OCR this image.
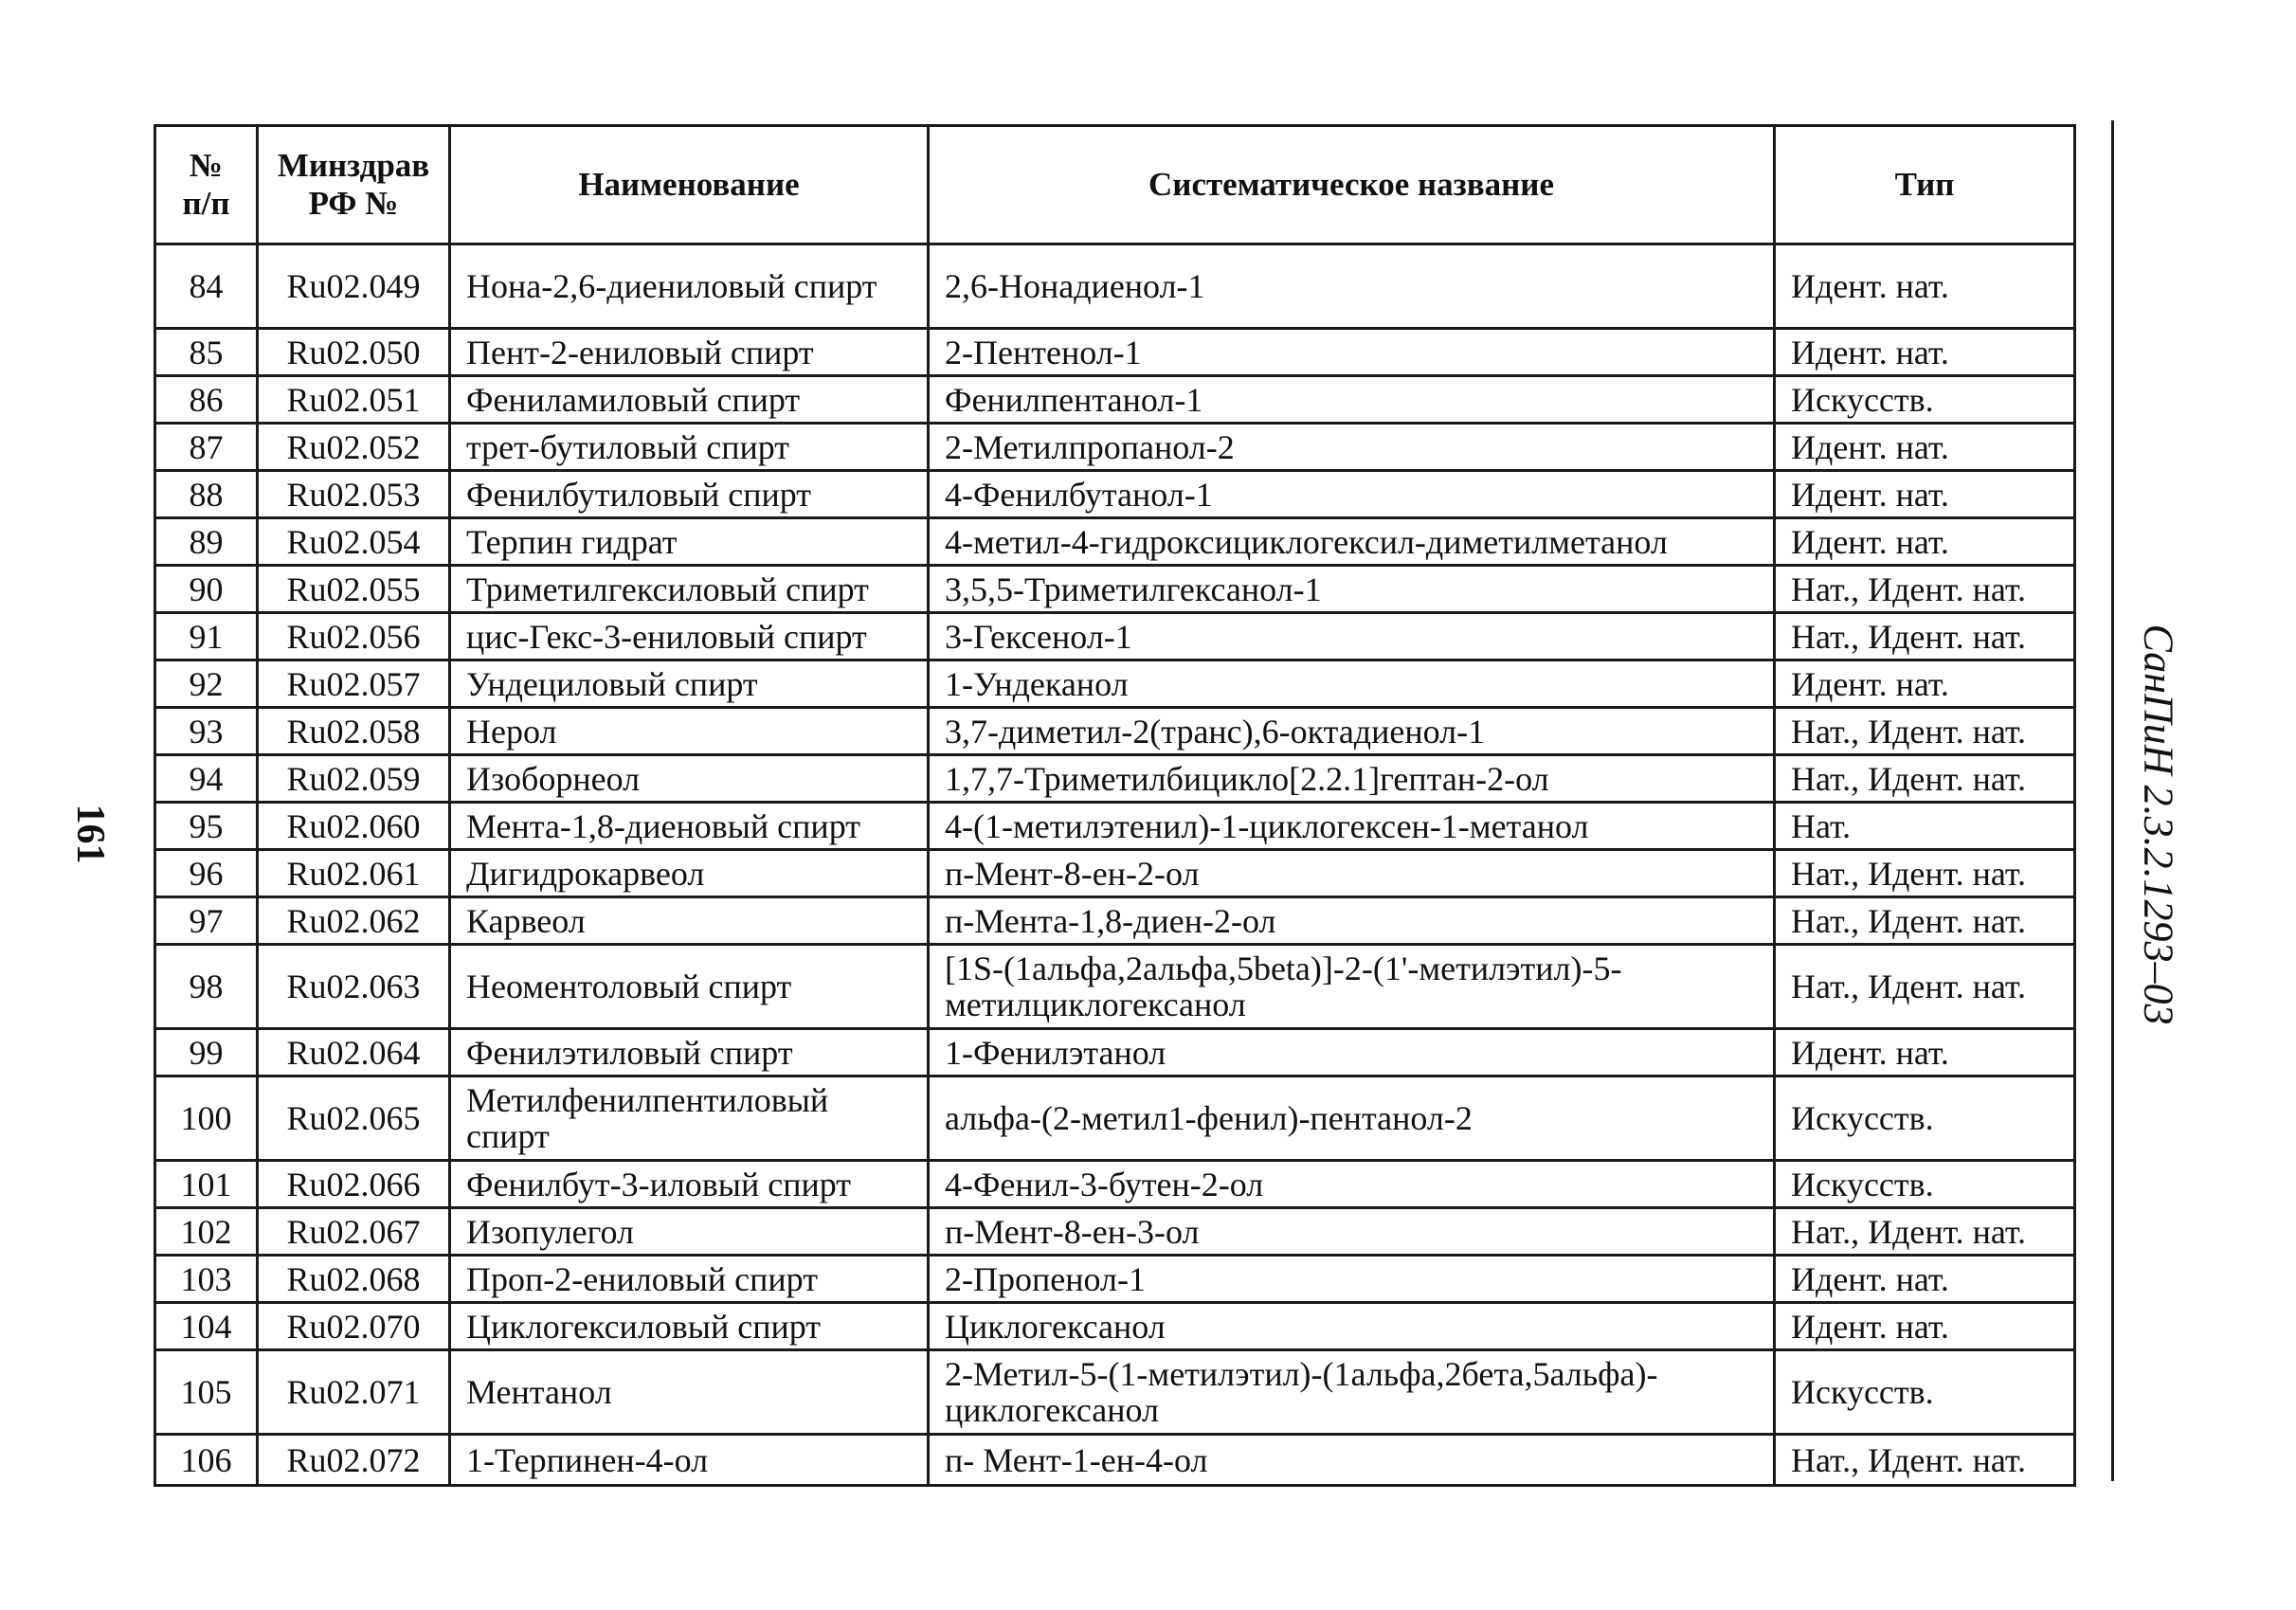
161
№ п/п	Минздрав РФ №	Наименование	Систематическое название	Тип
84	Ru02.049	Нона-2,6-диениловый спирт	2,6-Нонадиенол-1	Идент. нат.
85	Ru02.050	Пент-2-ениловый спирт	2-Пентенол-1	Идент. нат.
86	Ru02.051	Фениламиловый спирт	Фенилпентанол-1	Искусств.
87	Ru02.052	трет-бутиловый спирт	2-Метилпропанол-2	Идент. нат.
88	Ru02.053	Фенилбутиловый спирт	4-Фенилбутанол-1	Идент. нат.
89	Ru02.054	Терпин гидрат	4-метил-4-гидроксициклогексил-диметилметанол	Идент. нат.
90	Ru02.055	Триметилгексиловый спирт	3,5,5-Триметилгексанол-1	Нат., Идент. нат.
91	Ru02.056	цис-Гекс-3-ениловый спирт	3-Гексенол-1	Нат., Идент. нат.
92	Ru02.057	Ундециловый спирт	1-Ундеканол	Идент. нат.
93	Ru02.058	Нерол	3,7-диметил-2(транс),6-октадиенол-1	Нат., Идент. нат.
94	Ru02.059	Изоборнеол	1,7,7-Триметилбицикло[2.2.1]гептан-2-ол	Нат., Идент. нат.
95	Ru02.060	Мента-1,8-диеновый спирт	4-(1-метилэтенил)-1-циклогексен-1-метанол	Нат.
96	Ru02.061	Дигидрокарвеол	п-Мент-8-ен-2-ол	Нат., Идент. нат.
97	Ru02.062	Карвеол	п-Мента-1,8-диен-2-ол	Нат., Идент. нат.
98	Ru02.063	Неоментоловый спирт	[1S-(1альфа,2альфа,5beta)]-2-(1'-метилэтил)-5-метилциклогексанол	Нат., Идент. нат.
99	Ru02.064	Фенилэтиловый спирт	1-Фенилэтанол	Идент. нат.
100	Ru02.065	Метилфенилпентиловый спирт	альфа-(2-метил1-фенил)-пентанол-2	Искусств.
101	Ru02.066	Фенилбут-3-иловый спирт	4-Фенил-3-бутен-2-ол	Искусств.
102	Ru02.067	Изопулегол	п-Мент-8-ен-3-ол	Нат., Идент. нат.
103	Ru02.068	Проп-2-ениловый спирт	2-Пропенол-1	Идент. нат.
104	Ru02.070	Циклогексиловый спирт	Циклогексанол	Идент. нат.
105	Ru02.071	Ментанол	2-Метил-5-(1-метилэтил)-(1альфа,2бета,5альфа)-циклогексанол	Искусств.
106	Ru02.072	1-Терпинен-4-ол	п- Мент-1-ен-4-ол	Нат., Идент. нат.
СанПиН 2.3.2.1293–03
